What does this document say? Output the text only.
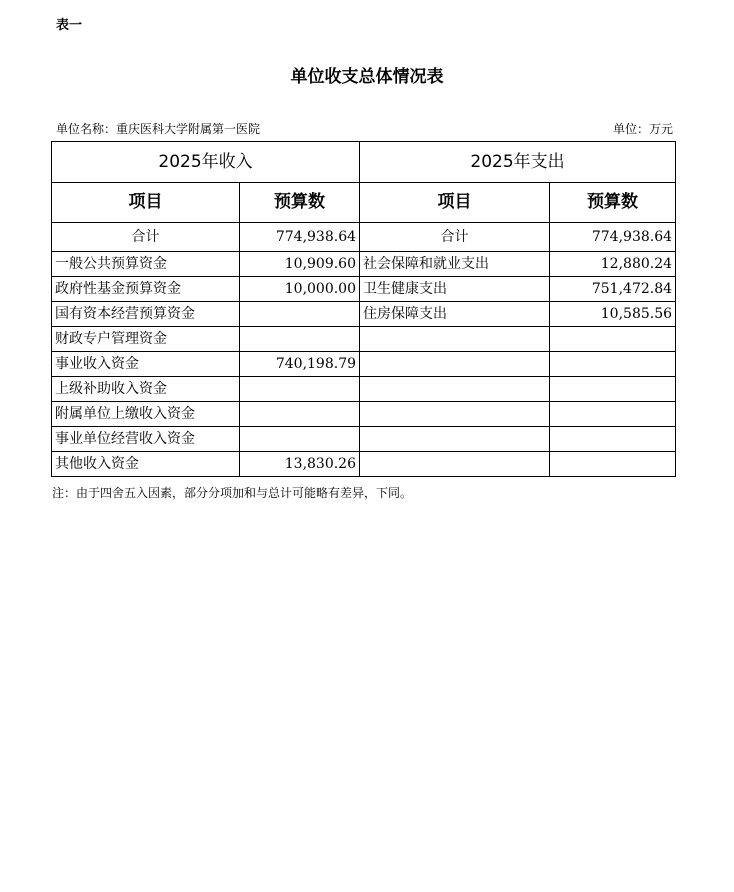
表一
单位收支总体情况表
单位名称：重庆医科大学附属第一医院	单位：万元
2025年收入		2025年支出	
项目	预算数	项目	预算数
合计	774,938.64	合计	774,938.64
一般公共预算资金	10,909.60	社会保障和就业支出	12,880.24
政府性基金预算资金	10,000.00	卫生健康支出	751,472.84
国有资本经营预算资金		住房保障支出	10,585.56
财政专户管理资金			
事业收入资金	740,198.79		
上级补助收入资金			
附属单位上缴收入资金			
事业单位经营收入资金			
其他收入资金	13,830.26		
注：由于四舍五入因素，部分分项加和与总计可能略有差异，下同。
